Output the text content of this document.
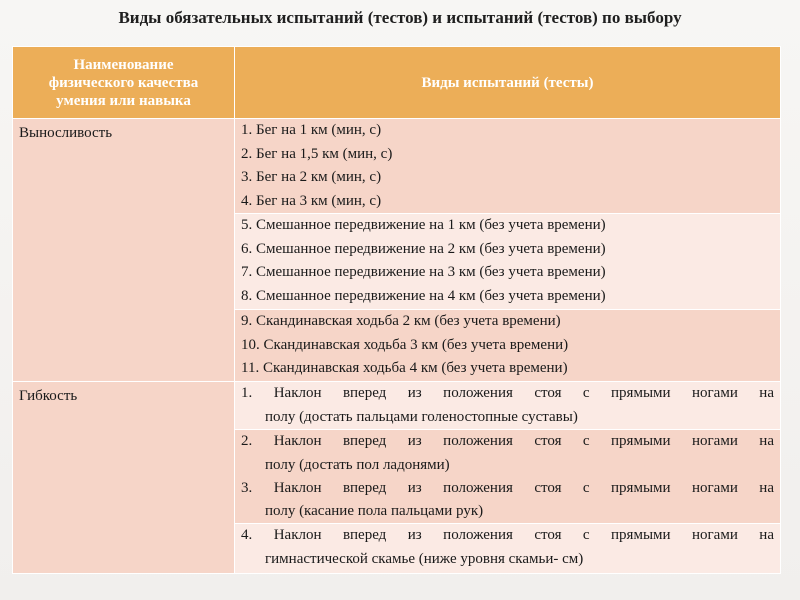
Виды обязательных испытаний (тестов) и испытаний (тестов) по выбору
Наименование
физического качества
умения или навыка	Виды испытаний (тесты)
Выносливость	1. Бег на 1 км (мин, с)
2. Бег на 1,5 км (мин, с)
3. Бег на 2 км (мин, с)
4. Бег на 3 км (мин, с)

	5. Смешанное передвижение на 1 км (без учета времени)
6. Смешанное передвижение на 2 км (без учета времени)
7. Смешанное передвижение на 3 км (без учета времени)
8. Смешанное передвижение на 4 км (без учета времени)

	9. Скандинавская ходьба 2 км (без учета времени)
10. Скандинавская ходьба 3 км (без учета времени)
11. Скандинавская ходьба 4 км (без учета времени)

Гибкость	1. Наклон вперед из положения стоя с прямыми ногами на
полу (достать пальцами голеностопные суставы)

	2. Наклон вперед из положения стоя с прямыми ногами на
полу (достать пол ладонями)
3. Наклон вперед из положения стоя с прямыми ногами на
полу (касание пола пальцами рук)

	4. Наклон вперед из положения стоя с прямыми ногами на
гимнастической скамье (ниже уровня скамьи- см)
